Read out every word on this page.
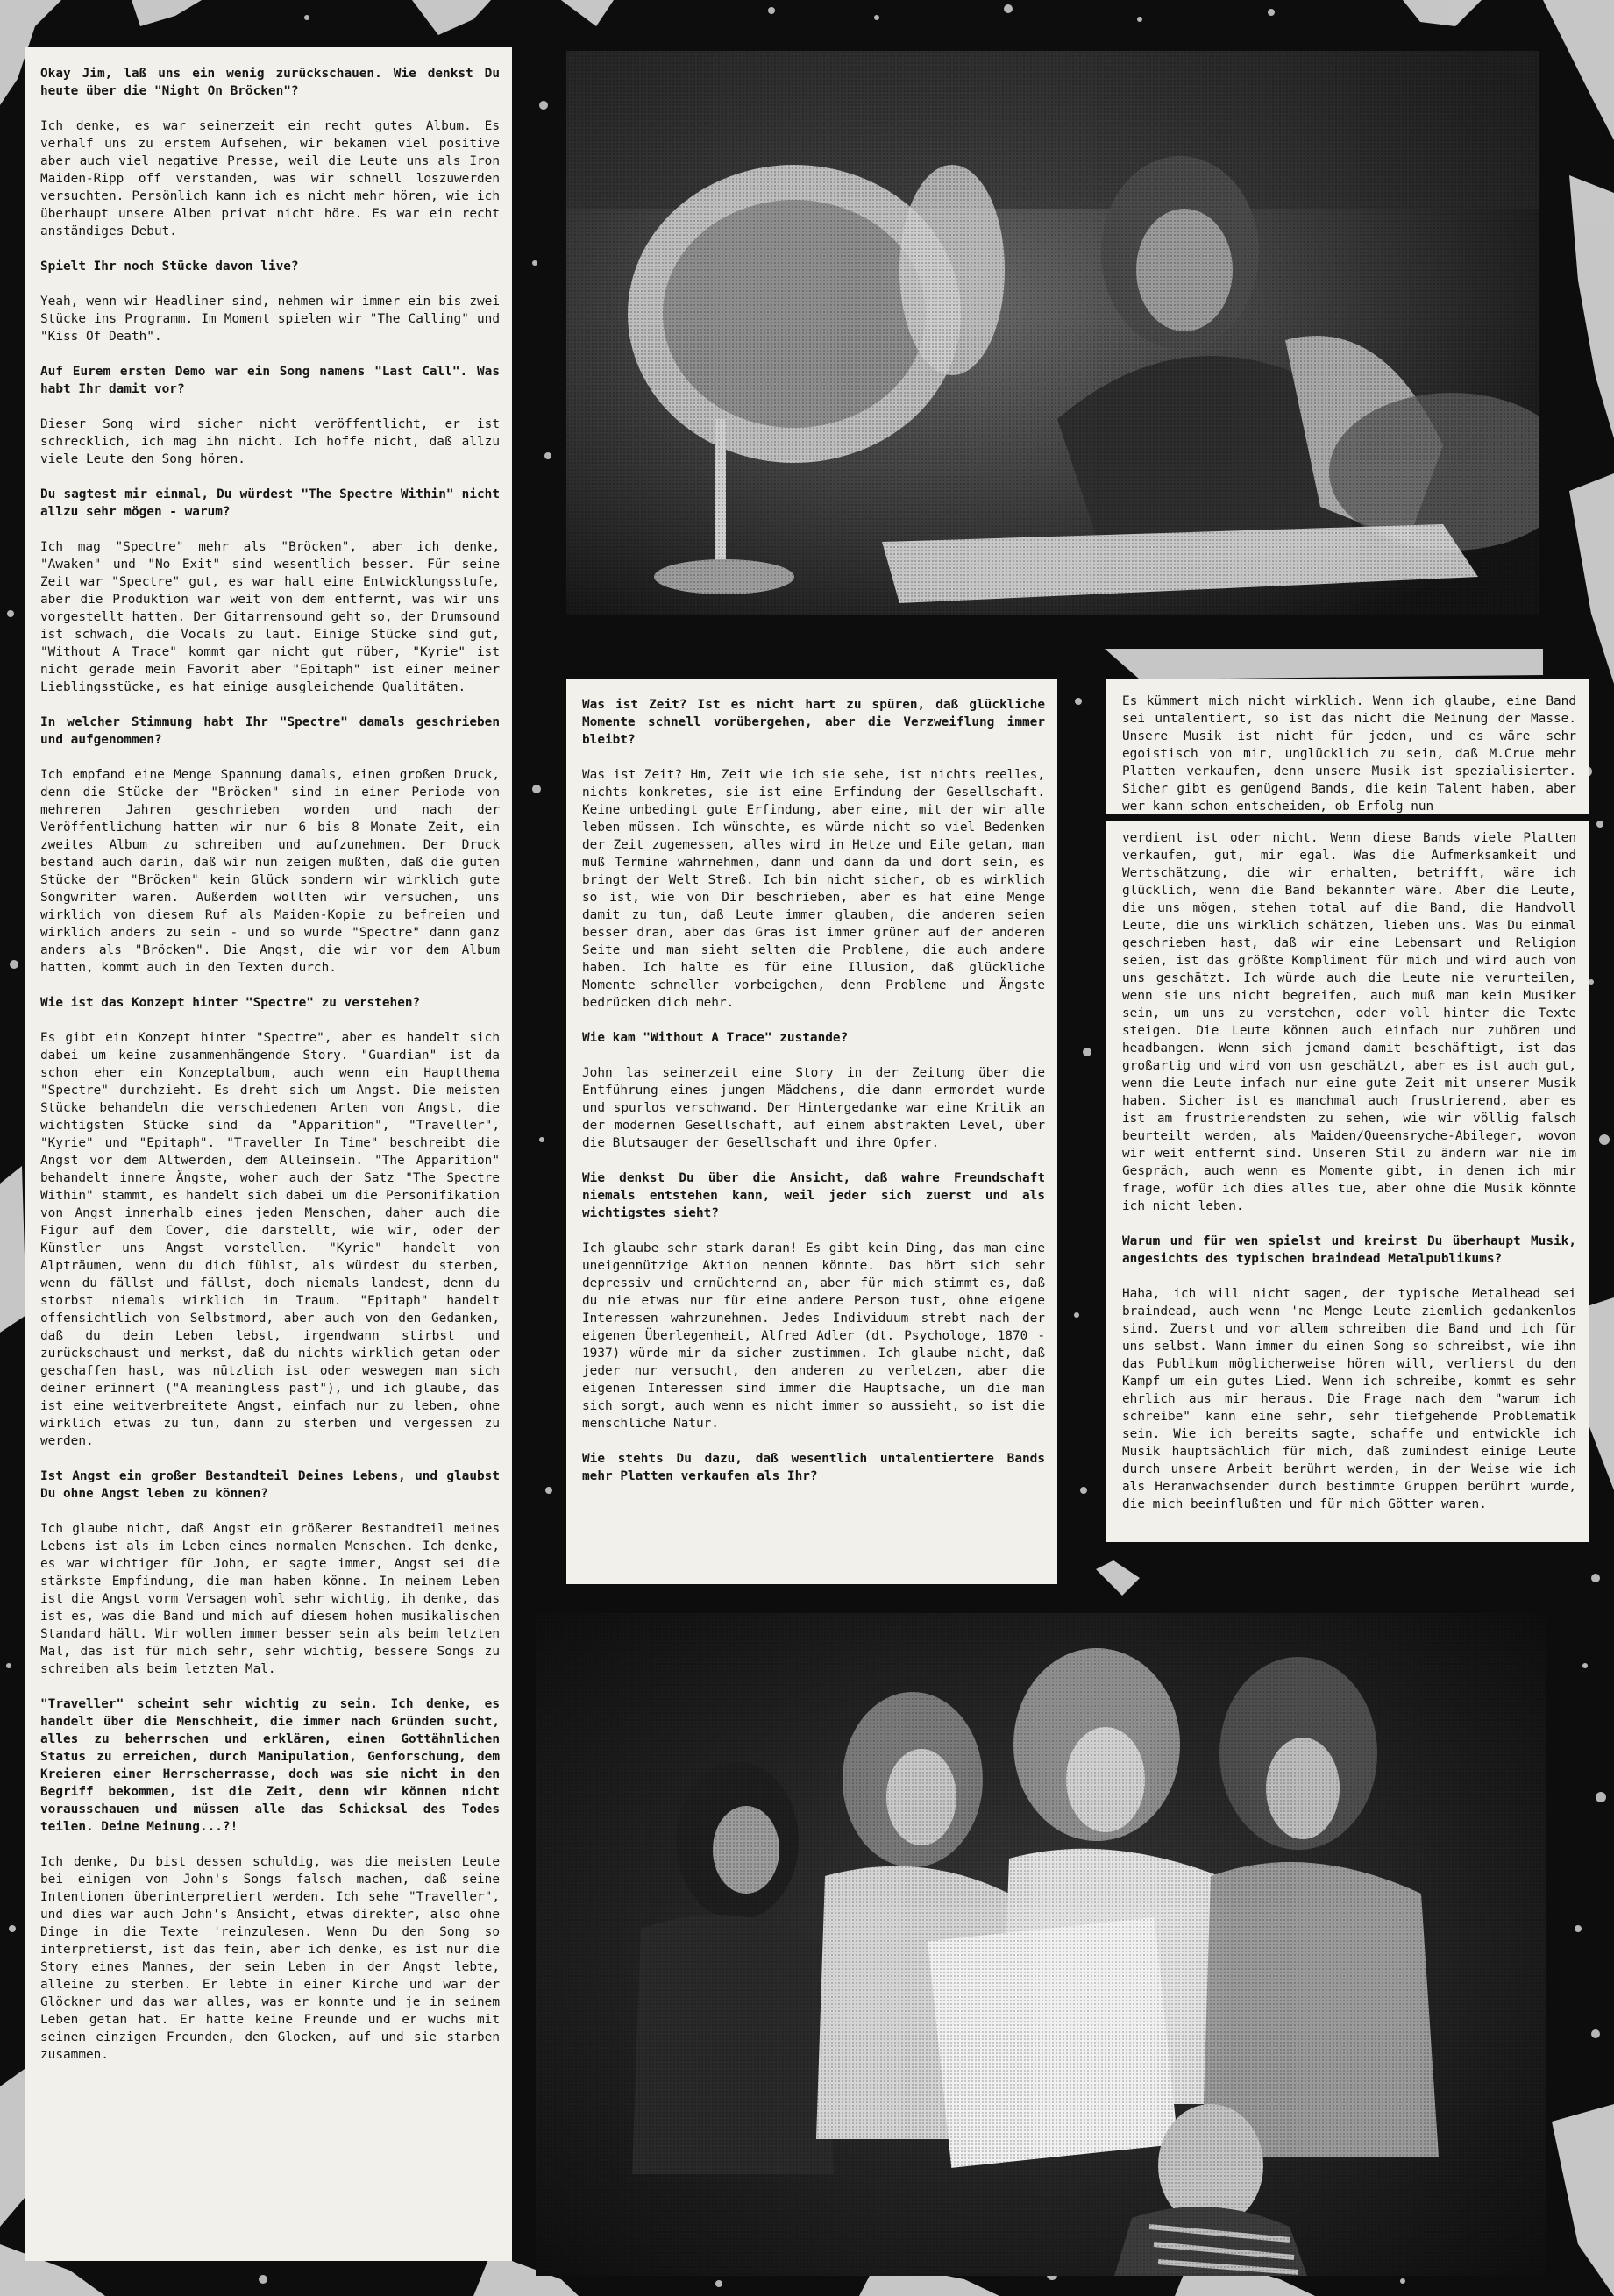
Okay Jim, laß uns ein wenig zurückschauen. Wie denkst Du heute über die "Night On Bröcken"?

Ich denke, es war seinerzeit ein recht gutes Album. Es verhalf uns zu erstem Aufsehen, wir bekamen viel positive aber auch viel negative Presse, weil die Leute uns als Iron Maiden-Ripp off verstanden, was wir schnell loszuwerden versuchten. Persönlich kann ich es nicht mehr hören, wie ich überhaupt unsere Alben privat nicht höre. Es war ein recht anständiges Debut.

Spielt Ihr noch Stücke davon live?

Yeah, wenn wir Headliner sind, nehmen wir immer ein bis zwei Stücke ins Programm. Im Moment spielen wir "The Calling" und "Kiss Of Death".

Auf Eurem ersten Demo war ein Song namens "Last Call". Was habt Ihr damit vor?

Dieser Song wird sicher nicht veröffentlicht, er ist schrecklich, ich mag ihn nicht. Ich hoffe nicht, daß allzu viele Leute den Song hören.

Du sagtest mir einmal, Du würdest "The Spectre Within" nicht allzu sehr mögen - warum?

Ich mag "Spectre" mehr als "Bröcken", aber ich denke, "Awaken" und "No Exit" sind wesentlich besser. Für seine Zeit war "Spectre" gut, es war halt eine Entwicklungsstufe, aber die Produktion war weit von dem entfernt, was wir uns vorgestellt hatten. Der Gitarrensound geht so, der Drumsound ist schwach, die Vocals zu laut. Einige Stücke sind gut, "Without A Trace" kommt gar nicht gut rüber, "Kyrie" ist nicht gerade mein Favorit aber "Epitaph" ist einer meiner Lieblingsstücke, es hat einige ausgleichende Qualitäten.

In welcher Stimmung habt Ihr "Spectre" damals geschrieben und aufgenommen?

Ich empfand eine Menge Spannung damals, einen großen Druck, denn die Stücke der "Bröcken" sind in einer Periode von mehreren Jahren geschrieben worden und nach der Veröffentlichung hatten wir nur 6 bis 8 Monate Zeit, ein zweites Album zu schreiben und aufzunehmen. Der Druck bestand auch darin, daß wir nun zeigen mußten, daß die guten Stücke der "Bröcken" kein Glück sondern wir wirklich gute Songwriter waren. Außerdem wollten wir versuchen, uns wirklich von diesem Ruf als Maiden-Kopie zu befreien und wirklich anders zu sein - und so wurde "Spectre" dann ganz anders als "Bröcken". Die Angst, die wir vor dem Album hatten, kommt auch in den Texten durch.

Wie ist das Konzept hinter "Spectre" zu verstehen?

Es gibt ein Konzept hinter "Spectre", aber es handelt sich dabei um keine zusammenhängende Story. "Guardian" ist da schon eher ein Konzeptalbum, auch wenn ein Hauptthema "Spectre" durchzieht. Es dreht sich um Angst. Die meisten Stücke behandeln die verschiedenen Arten von Angst, die wichtigsten Stücke sind da "Apparition", "Traveller", "Kyrie" und "Epitaph". "Traveller In Time" beschreibt die Angst vor dem Altwerden, dem Alleinsein. "The Apparition" behandelt innere Ängste, woher auch der Satz "The Spectre Within" stammt, es handelt sich dabei um die Personifikation von Angst innerhalb eines jeden Menschen, daher auch die Figur auf dem Cover, die darstellt, wie wir, oder der Künstler uns Angst vorstellen. "Kyrie" handelt von Alpträumen, wenn du dich fühlst, als würdest du sterben, wenn du fällst und fällst, doch niemals landest, denn du storbst niemals wirklich im Traum. "Epitaph" handelt offensichtlich von Selbstmord, aber auch von den Gedanken, daß du dein Leben lebst, irgendwann stirbst und zurückschaust und merkst, daß du nichts wirklich getan oder geschaffen hast, was nützlich ist oder weswegen man sich deiner erinnert ("A meaningless past"), und ich glaube, das ist eine weitverbreitete Angst, einfach nur zu leben, ohne wirklich etwas zu tun, dann zu sterben und vergessen zu werden.

Ist Angst ein großer Bestandteil Deines Lebens, und glaubst Du ohne Angst leben zu können?

Ich glaube nicht, daß Angst ein größerer Bestandteil meines Lebens ist als im Leben eines normalen Menschen. Ich denke, es war wichtiger für John, er sagte immer, Angst sei die stärkste Empfindung, die man haben könne. In meinem Leben ist die Angst vorm Versagen wohl sehr wichtig, ih denke, das ist es, was die Band und mich auf diesem hohen musikalischen Standard hält. Wir wollen immer besser sein als beim letzten Mal, das ist für mich sehr, sehr wichtig, bessere Songs zu schreiben als beim letzten Mal.

"Traveller" scheint sehr wichtig zu sein. Ich denke, es handelt über die Menschheit, die immer nach Gründen sucht, alles zu beherrschen und erklären, einen Gottähnlichen Status zu erreichen, durch Manipulation, Genforschung, dem Kreieren einer Herrscherrasse, doch was sie nicht in den Begriff bekommen, ist die Zeit, denn wir können nicht vorausschauen und müssen alle das Schicksal des Todes teilen. Deine Meinung...?!

Ich denke, Du bist dessen schuldig, was die meisten Leute bei einigen von John's Songs falsch machen, daß seine Intentionen überinterpretiert werden. Ich sehe "Traveller", und dies war auch John's Ansicht, etwas direkter, also ohne Dinge in die Texte 'reinzulesen. Wenn Du den Song so interpretierst, ist das fein, aber ich denke, es ist nur die Story eines Mannes, der sein Leben in der Angst lebte, alleine zu sterben. Er lebte in einer Kirche und war der Glöckner und das war alles, was er konnte und je in seinem Leben getan hat. Er hatte keine Freunde und er wuchs mit seinen einzigen Freunden, den Glocken, auf und sie starben zusammen.

Was ist Zeit? Ist es nicht hart zu spüren, daß glückliche Momente schnell vorübergehen, aber die Verzweiflung immer bleibt?

Was ist Zeit? Hm, Zeit wie ich sie sehe, ist nichts reelles, nichts konkretes, sie ist eine Erfindung der Gesellschaft. Keine unbedingt gute Erfindung, aber eine, mit der wir alle leben müssen. Ich wünschte, es würde nicht so viel Bedenken der Zeit zugemessen, alles wird in Hetze und Eile getan, man muß Termine wahrnehmen, dann und dann da und dort sein, es bringt der Welt Streß. Ich bin nicht sicher, ob es wirklich so ist, wie von Dir beschrieben, aber es hat eine Menge damit zu tun, daß Leute immer glauben, die anderen seien besser dran, aber das Gras ist immer grüner auf der anderen Seite und man sieht selten die Probleme, die auch andere haben. Ich halte es für eine Illusion, daß glückliche Momente schneller vorbeigehen, denn Probleme und Ängste bedrücken dich mehr.

Wie kam "Without A Trace" zustande?

John las seinerzeit eine Story in der Zeitung über die Entführung eines jungen Mädchens, die dann ermordet wurde und spurlos verschwand. Der Hintergedanke war eine Kritik an der modernen Gesellschaft, auf einem abstrakten Level, über die Blutsauger der Gesellschaft und ihre Opfer.

Wie denkst Du über die Ansicht, daß wahre Freundschaft niemals entstehen kann, weil jeder sich zuerst und als wichtigstes sieht?

Ich glaube sehr stark daran! Es gibt kein Ding, das man eine uneigennützige Aktion nennen könnte. Das hört sich sehr depressiv und ernüchternd an, aber für mich stimmt es, daß du nie etwas nur für eine andere Person tust, ohne eigene Interessen wahrzunehmen. Jedes Individuum strebt nach der eigenen Überlegenheit, Alfred Adler (dt. Psychologe, 1870 - 1937) würde mir da sicher zustimmen. Ich glaube nicht, daß jeder nur versucht, den anderen zu verletzen, aber die eigenen Interessen sind immer die Hauptsache, um die man sich sorgt, auch wenn es nicht immer so aussieht, so ist die menschliche Natur.

Wie stehts Du dazu, daß wesentlich untalentiertere Bands mehr Platten verkaufen als Ihr?

Es kümmert mich nicht wirklich. Wenn ich glaube, eine Band sei untalentiert, so ist das nicht die Meinung der Masse. Unsere Musik ist nicht für jeden, und es wäre sehr egoistisch von mir, unglücklich zu sein, daß M.Crue mehr Platten verkaufen, denn unsere Musik ist spezialisierter. Sicher gibt es genügend Bands, die kein Talent haben, aber wer kann schon entscheiden, ob Erfolg nun

verdient ist oder nicht. Wenn diese Bands viele Platten verkaufen, gut, mir egal. Was die Aufmerksamkeit und Wertschätzung, die wir erhalten, betrifft, wäre ich glücklich, wenn die Band bekannter wäre. Aber die Leute, die uns mögen, stehen total auf die Band, die Handvoll Leute, die uns wirklich schätzen, lieben uns. Was Du einmal geschrieben hast, daß wir eine Lebensart und Religion seien, ist das größte Kompliment für mich und wird auch von uns geschätzt. Ich würde auch die Leute nie verurteilen, wenn sie uns nicht begreifen, auch muß man kein Musiker sein, um uns zu verstehen, oder voll hinter die Texte steigen. Die Leute können auch einfach nur zuhören und headbangen. Wenn sich jemand damit beschäftigt, ist das großartig und wird von usn geschätzt, aber es ist auch gut, wenn die Leute infach nur eine gute Zeit mit unserer Musik haben. Sicher ist es manchmal auch frustrierend, aber es ist am frustrierendsten zu sehen, wie wir völlig falsch beurteilt werden, als Maiden/Queensryche-Abileger, wovon wir weit entfernt sind. Unseren Stil zu ändern war nie im Gespräch, auch wenn es Momente gibt, in denen ich mir frage, wofür ich dies alles tue, aber ohne die Musik könnte ich nicht leben.

Warum und für wen spielst und kreirst Du überhaupt Musik, angesichts des typischen braindead Metalpublikums?

Haha, ich will nicht sagen, der typische Metalhead sei braindead, auch wenn 'ne Menge Leute ziemlich gedankenlos sind. Zuerst und vor allem schreiben die Band und ich für uns selbst. Wann immer du einen Song so schreibst, wie ihn das Publikum möglicherweise hören will, verlierst du den Kampf um ein gutes Lied. Wenn ich schreibe, kommt es sehr ehrlich aus mir heraus. Die Frage nach dem "warum ich schreibe" kann eine sehr, sehr tiefgehende Problematik sein. Wie ich bereits sagte, schaffe und entwickle ich Musik hauptsächlich für mich, daß zumindest einige Leute durch unsere Arbeit berührt werden, in der Weise wie ich als Heranwachsender durch bestimmte Gruppen berührt wurde, die mich beeinflußten und für mich Götter waren.
